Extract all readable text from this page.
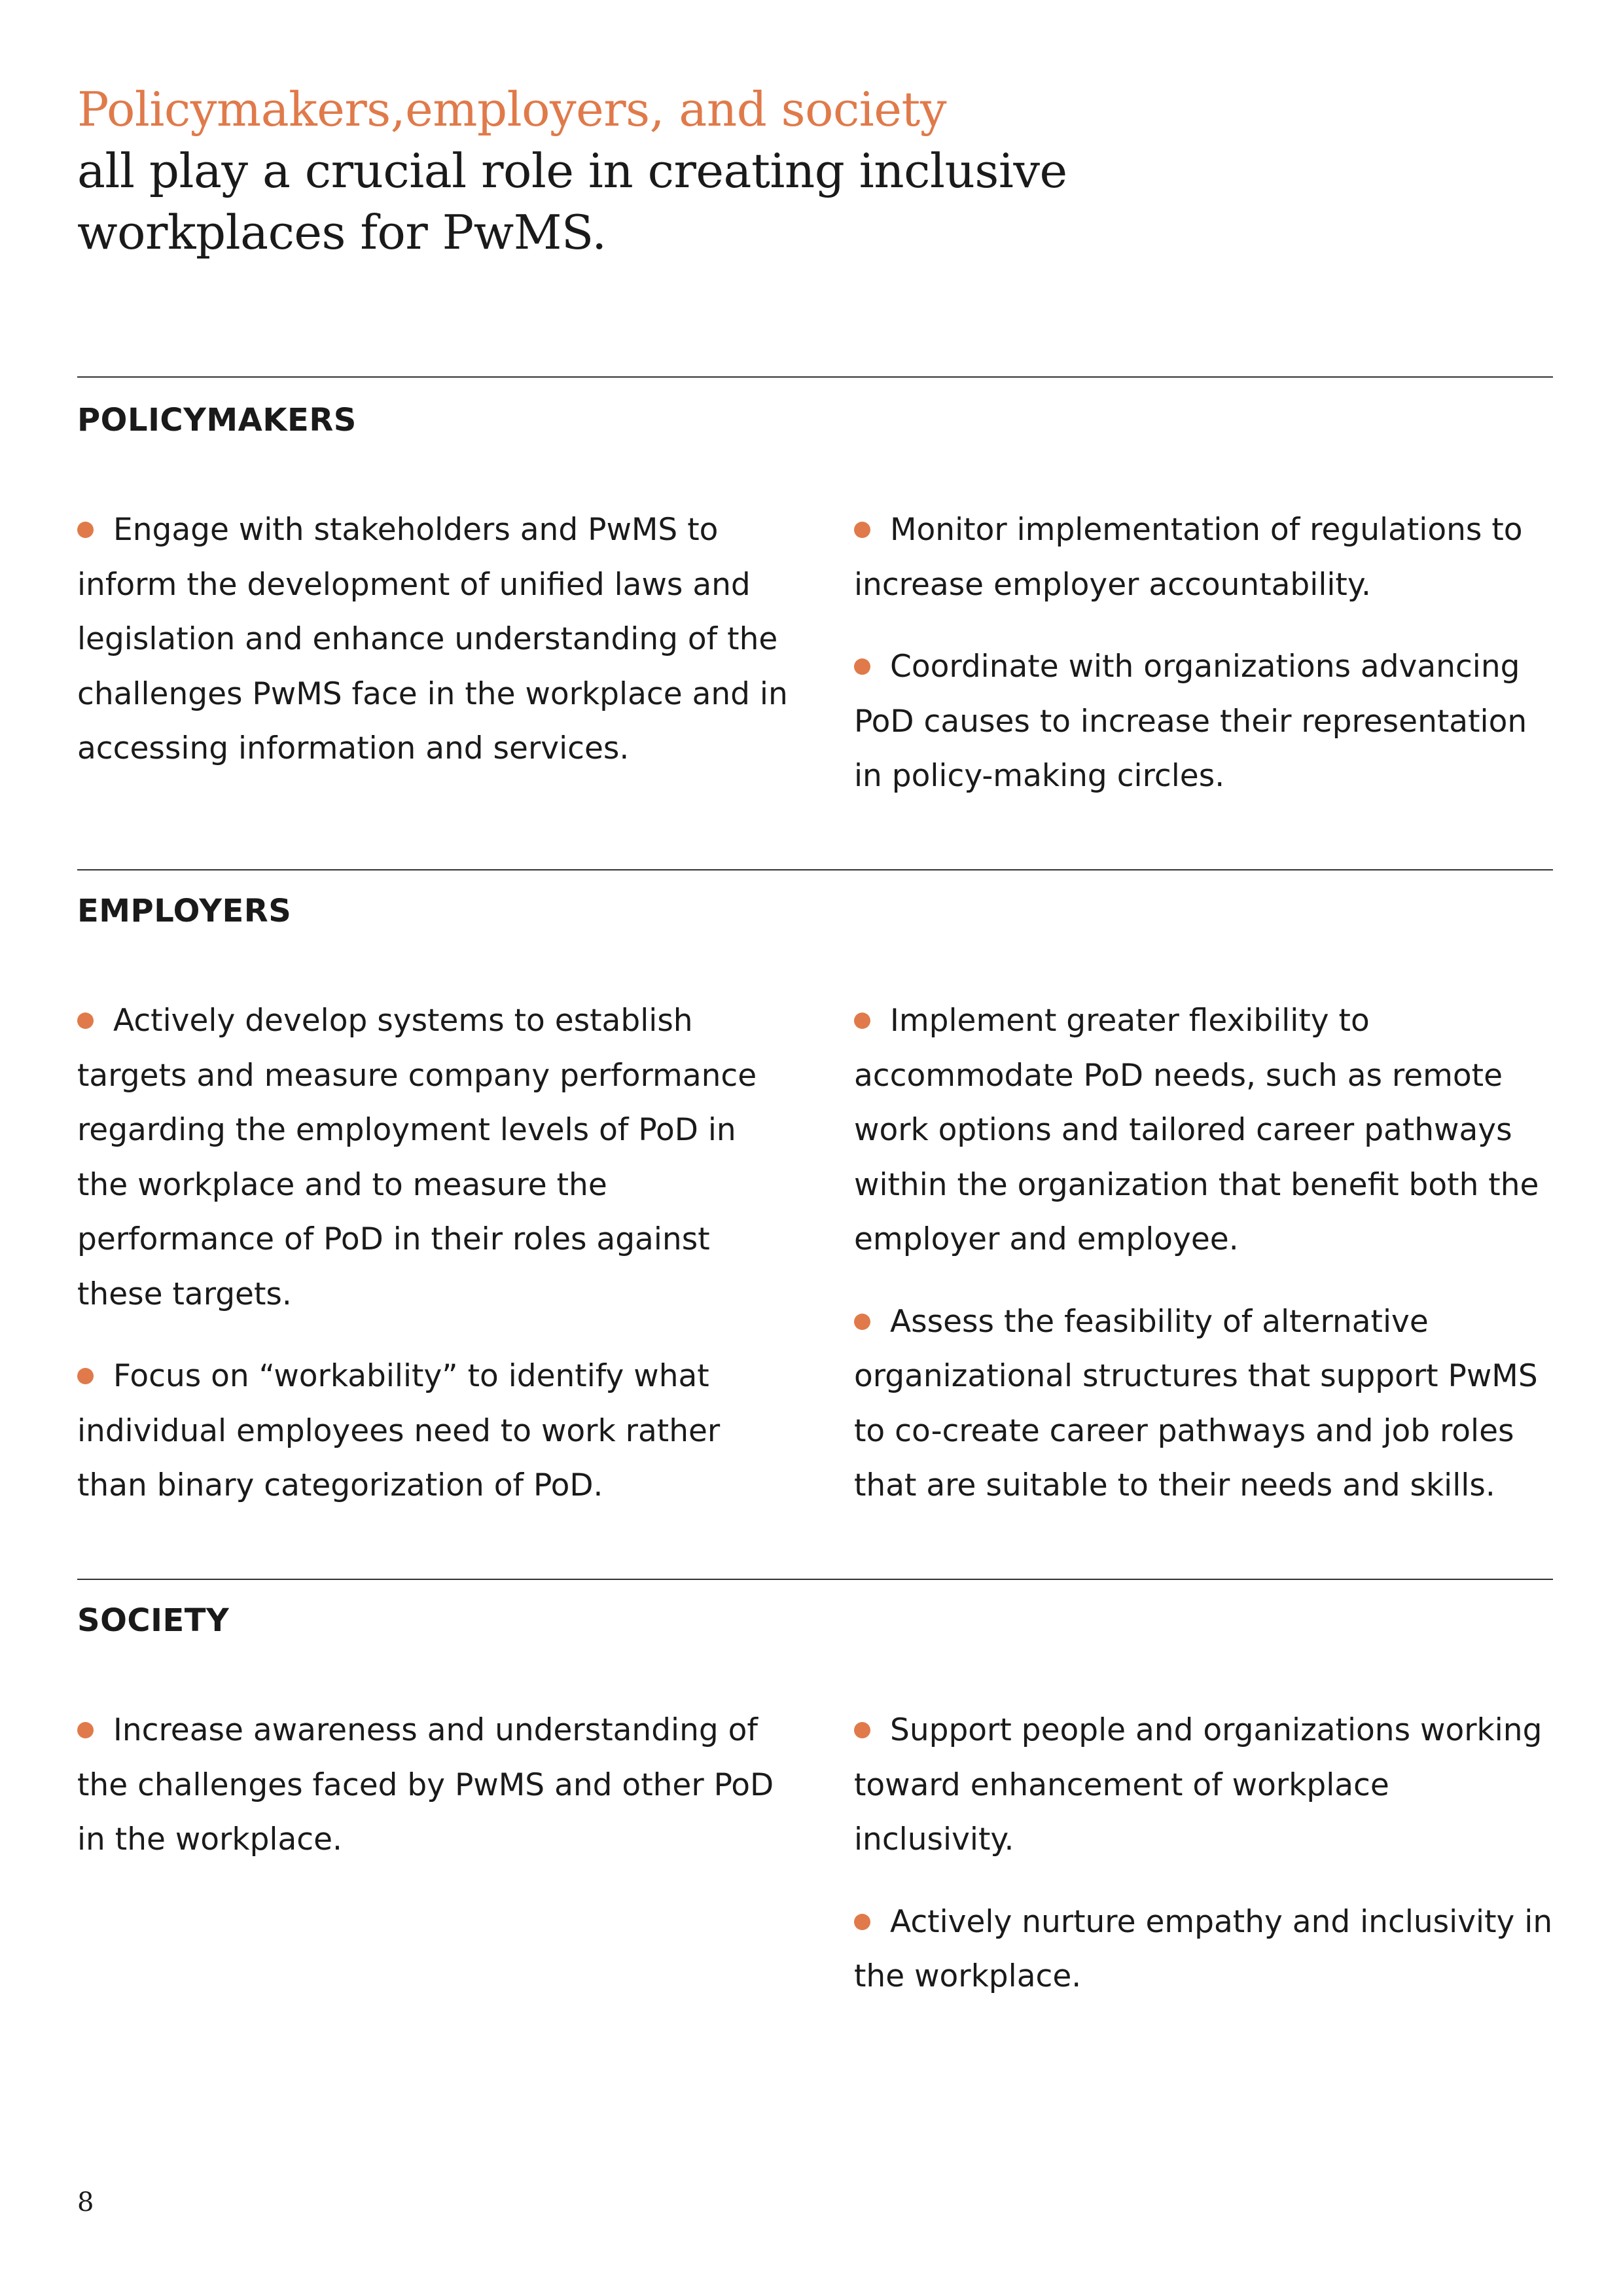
Policymakers,employers, and society
all play a crucial role in creating inclusive workplaces for PwMS.
POLICYMAKERS

Engage with stakeholders and PwMS to inform the development of unified laws and legislation and enhance understanding of the challenges PwMS face in the workplace and in accessing information and services.

Monitor implementation of regulations to increase employer accountability.

Coordinate with organizations advancing PoD causes to increase their representation in policy-making circles.

EMPLOYERS

Actively develop systems to establish targets and measure company performance regarding the employment levels of PoD in the workplace and to measure the performance of PoD in their roles against these targets.

Focus on “workability” to identify what individual employees need to work rather than binary categorization of PoD.

Implement greater flexibility to accommodate PoD needs, such as remote work options and tailored career pathways within the organization that benefit both the employer and employee.

Assess the feasibility of alternative organizational structures that support PwMS to co-create career pathways and job roles that are suitable to their needs and skills.

SOCIETY

Increase awareness and understanding of the challenges faced by PwMS and other PoD in the workplace.

Support people and organizations working toward enhancement of workplace inclusivity.

Actively nurture empathy and inclusivity in the workplace.

8
